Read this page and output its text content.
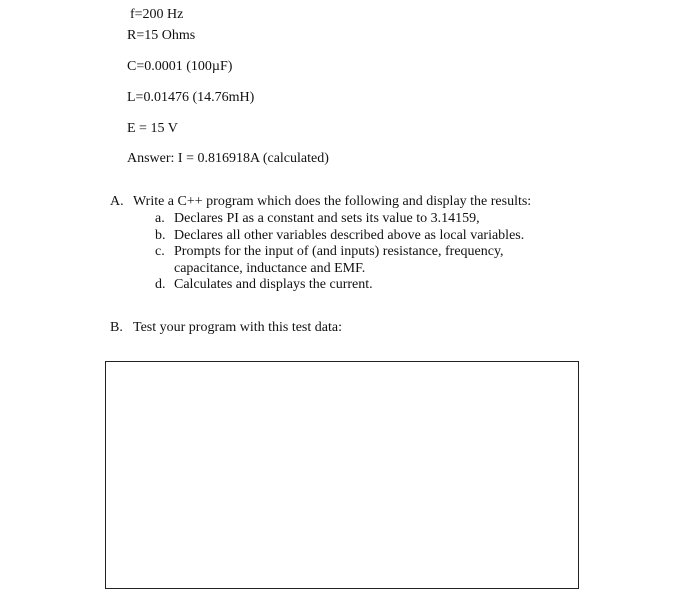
f=200 Hz
R=15 Ohms
C=0.0001 (100µF)
L=0.01476 (14.76mH)
E = 15 V
Answer: I = 0.816918A (calculated)
A. Write a C++ program which does the following and display the results:
a. Declares PI as a constant and sets its value to 3.14159,
b. Declares all other variables described above as local variables.
c. Prompts for the input of (and inputs) resistance, frequency,
capacitance, inductance and EMF.
d. Calculates and displays the current.
B. Test your program with this test data:
